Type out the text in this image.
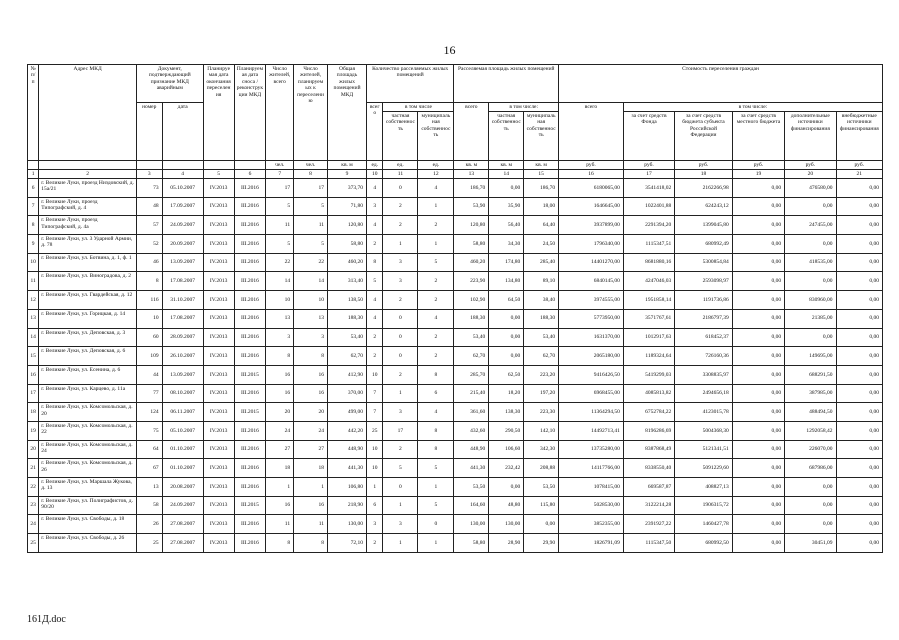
16
№ п/п	Адрес МКД	Документ, подтверждающий признание МКД аварийным		Планируемая дата окончания переселения	Планируемая дата сноса / реконструкции МКД	Число жителей, всего	Число жителей, планируемых к переселению	Общая площадь жилых помещений МКД	Количество расселяемых жилых помещений			Расселяемая площадь жилых помещений			Стоимость переселения граждан					
		номер	дата						всего	в том числе		всего	в том числе:		всего	в том числе:				
										частная собственность	муниципальная собственность		частная собственность	муниципальная собственность		за счет средств Фонда	за счет средств бюджета субъекта Российской Федерации	за счет средств местного бюджета	дополнительные источники финансирования	внебюджетные источники финансирования
						чел.	чел.	кв. м	ед.	ед.	ед.	кв. м	кв. м	кв. м	руб.	руб.	руб.	руб.	руб.	руб.
1	2	3	4	5	6	7	8	9	10	11	12	13	14	15	16	17	18	19	20	21
6	г. Великие Луки, проезд Низдовский, д. 15а/21	73	05.10.2007	IV.2013	III.2016	17	17	373,70	4	0	4	186,70	0,00	186,70	6180065,00	3541418,02	2162266,98	0,00	476580,00	0,00
7	г. Великие Луки, проезд Типографский, д. 4	48	17.09.2007	IV.2013	III.2016	5	5	71,80	3	2	1	53,90	35,90	18,00	1646645,00	1022401,88	624243,12	0,00	0,00	0,00
8	г. Великие Луки, проезд Типографский, д. 4а	57	24.09.2007	IV.2013	III.2016	11	11	120,80	4	2	2	120,80	56,40	64,40	3937899,00	2291394,20	1399045,80	0,00	247455,00	0,00
9	г. Великие Луки, ул. 3 Ударной Армии, д. 78	52	20.09.2007	IV.2013	III.2016	5	5	58,80	2	1	1	58,80	34,30	24,50	1796340,00	1115347,51	680992,49	0,00	0,00	0,00
10	г. Великие Луки, ул. Ботвина, д. 1, ф. 1	46	13.09.2007	IV.2013	III.2016	22	22	460,20	8	3	5	460,20	174,80	285,40	14401270,00	8681880,16	5300854,84	0,00	418535,00	0,00
11	г. Великие Луки, ул. Виноградова, д. 2	8	17.08.2007	IV.2013	III.2016	14	14	313,40	5	3	2	223,90	134,80	89,10	6840145,00	4247046,03	2593098,97	0,00	0,00	0,00
12	г. Великие Луки, ул. Гвардейская, д. 12	116	31.10.2007	IV.2013	III.2016	10	10	138,50	4	2	2	102,90	64,50	38,40	3974555,00	1951858,14	1191736,86	0,00	830960,00	0,00
13	г. Великие Луки, ул. Горицкая, д. 14	10	17.08.2007	IV.2013	III.2016	13	13	188,30	4	0	4	188,30	0,00	188,30	5773950,00	3571767,61	2186797,39	0,00	21385,00	0,00
14	г. Великие Луки, ул. Деповская, д. 3	60	28.09.2007	IV.2013	III.2016	3	3	53,40	2	0	2	53,40	0,00	53,40	1631370,00	1012917,63	618452,37	0,00	0,00	0,00
15	г. Великие Луки, ул. Деповская, д. 6	109	26.10.2007	IV.2013	III.2016	8	8	62,70	2	0	2	62,70	0,00	62,70	2065180,00	1189324,64	726160,36	0,00	149695,00	0,00
16	г. Великие Луки, ул. Есенина, д. 6	44	13.09.2007	IV.2013	III.2015	16	16	412,90	10	2	8	285,70	62,50	223,20	9416426,50	5419299,03	3308835,97	0,00	688291,50	0,00
17	г. Великие Луки, ул. Карцево, д. 11а	77	08.10.2007	IV.2013	III.2016	16	16	370,00	7	1	6	215,40	18,20	197,20	6968455,00	4085813,82	2494656,18	0,00	387985,00	0,00
18	г. Великие Луки, ул. Комсомольская, д. 20	124	06.11.2007	IV.2013	III.2015	20	20	499,00	7	3	4	361,60	138,30	223,30	11364294,50	6752784,22	4123015,78	0,00	488494,50	0,00
19	г. Великие Луки, ул. Комсомольская, д. 22	75	05.10.2007	IV.2013	III.2016	24	24	442,20	25	17	8	432,60	290,50	142,10	14492713,41	8196286,69	5004368,30	0,00	1292058,42	0,00
20	г. Великие Луки, ул. Комсомольская, д. 24	64	01.10.2007	IV.2013	III.2016	27	27	448,90	10	2	8	448,90	106,60	342,30	13735280,00	8387868,49	5121341,51	0,00	226070,00	0,00
21	г. Великие Луки, ул. Комсомольская, д. 26	67	01.10.2007	IV.2013	III.2016	18	18	441,30	10	5	5	441,30	232,42	208,88	14117766,00	8338550,40	5091229,60	0,00	687986,00	0,00
22	г. Великие Луки, ул. Маршала Жукова, д. 13	13	20.08.2007	IV.2013	III.2016	1	1	106,80	1	0	1	53,50	0,00	53,50	1078415,00	669587,87	408827,13	0,00	0,00	0,00
23	г. Великие Луки, ул. Полиграфистов, д. 90/20	58	24.09.2007	IV.2013	III.2015	16	16	218,90	6	1	5	164,60	48,80	115,80	5028530,00	3122214,28	1906315,72	0,00	0,00	0,00
24	г. Великие Луки, ул. Свободы, д. 18	26	27.08.2007	IV.2013	III.2016	11	11	130,00	3	3	0	130,00	130,00	0,00	3852355,00	2391927,22	1460427,78	0,00	0,00	0,00
25	г. Великие Луки, ул. Свободы, д. 26	25	27.08.2007	IV.2013	III.2016	8	8	72,10	2	1	1	58,80	28,90	29,90	1826791,09	1115347,50	680992,50	0,00	30451,09	0,00
161Д.doc
